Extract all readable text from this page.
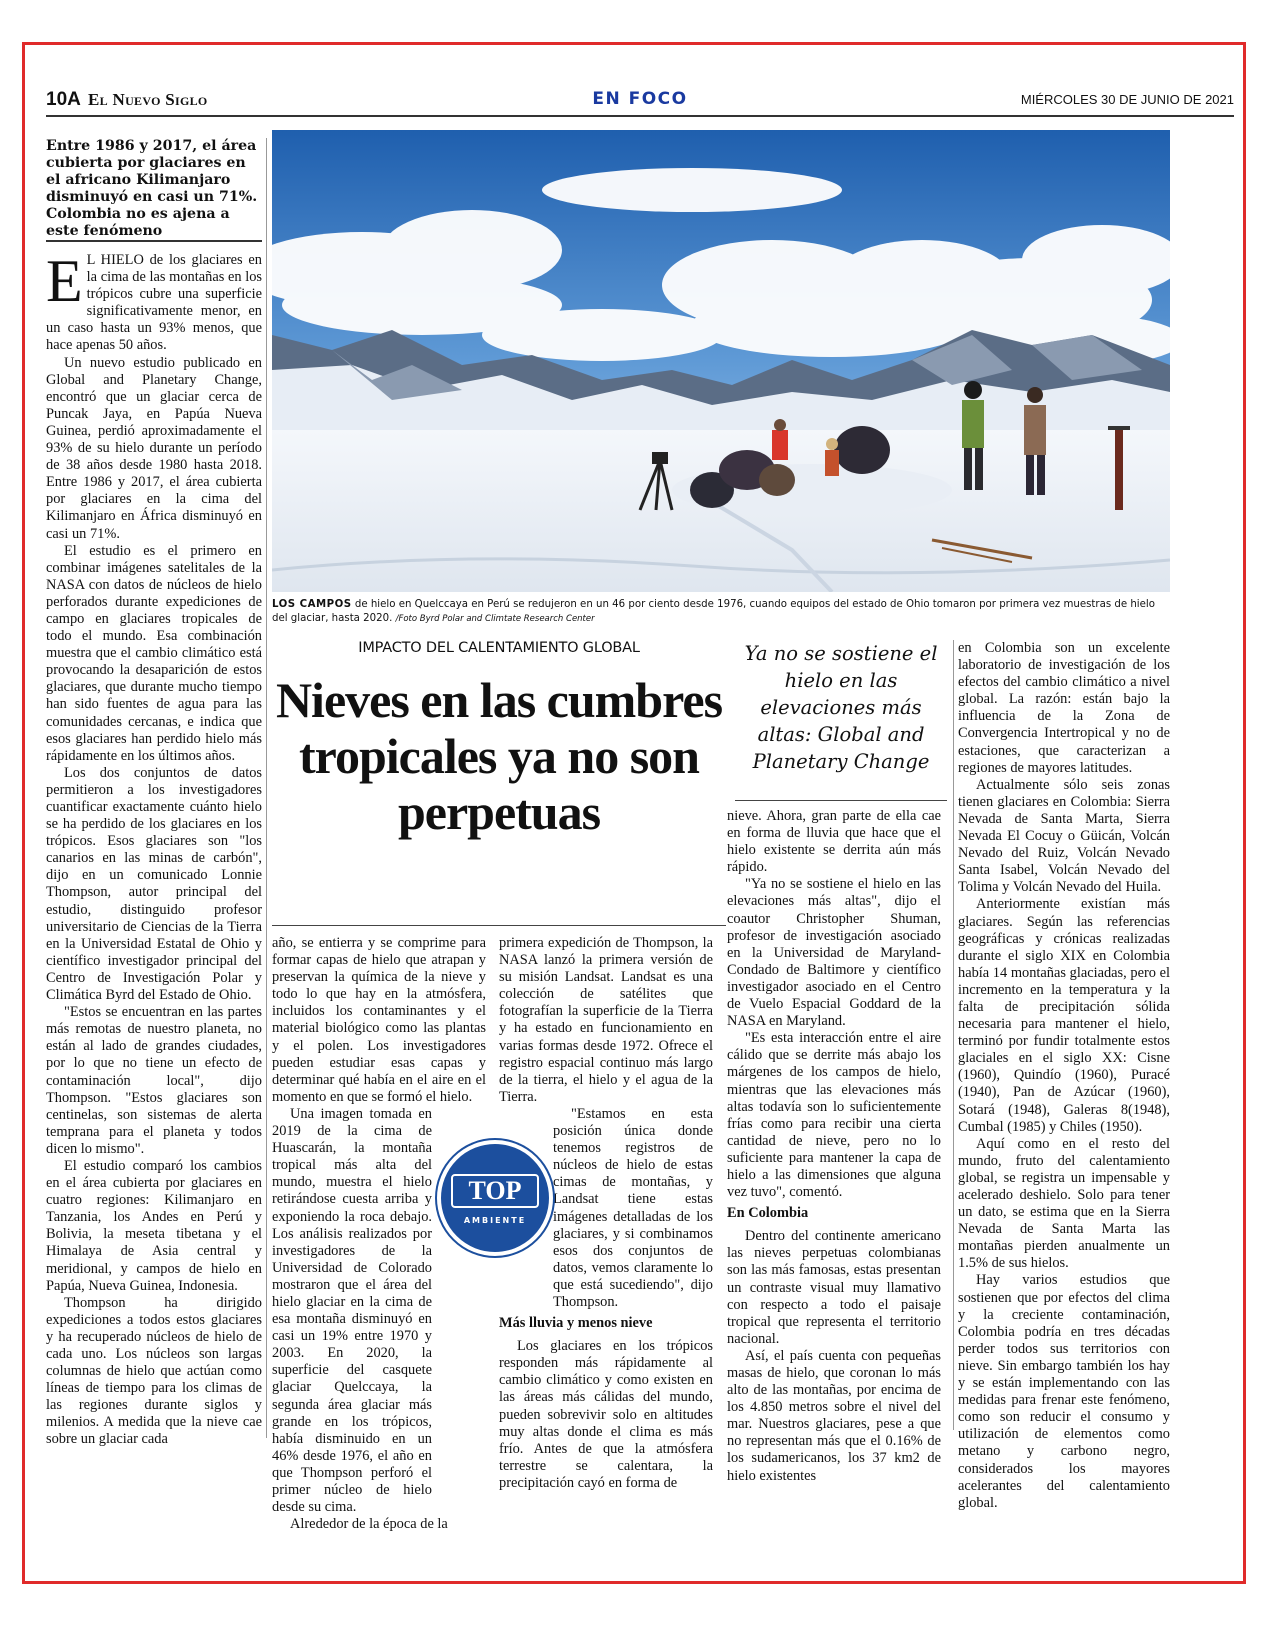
10A El Nuevo Siglo	EN FOCO	MIÉRCOLES 30 DE JUNIO DE 2021
Entre 1986 y 2017, el área cubierta por glaciares en el africano Kilimanjaro disminuyó en casi un 71%. Colombia no es ajena a este fenómeno

E L HIELO de los glaciares en la cima de las montañas en los trópicos cubre una superficie significativamente menor, en un caso hasta un 93% menos, que hace apenas 50 años.

Un nuevo estudio publicado en Global and Planetary Change, encontró que un glaciar cerca de Puncak Jaya, en Papúa Nueva Guinea, perdió aproximadamente el 93% de su hielo durante un período de 38 años desde 1980 hasta 2018. Entre 1986 y 2017, el área cubierta por glaciares en la cima del Kilimanjaro en África disminuyó en casi un 71%.

El estudio es el primero en combinar imágenes satelitales de la NASA con datos de núcleos de hielo perforados durante expediciones de campo en glaciares tropicales de todo el mundo. Esa combinación muestra que el cambio climático está provocando la desaparición de estos glaciares, que durante mucho tiempo han sido fuentes de agua para las comunidades cercanas, e indica que esos glaciares han perdido hielo más rápidamente en los últimos años.

Los dos conjuntos de datos permitieron a los investigadores cuantificar exactamente cuánto hielo se ha perdido de los glaciares en los trópicos. Esos glaciares son "los canarios en las minas de carbón", dijo en un comunicado Lonnie Thompson, autor principal del estudio, distinguido profesor universitario de Ciencias de la Tierra en la Universidad Estatal de Ohio y científico investigador principal del Centro de Investigación Polar y Climática Byrd del Estado de Ohio.

"Estos se encuentran en las partes más remotas de nuestro planeta, no están al lado de grandes ciudades, por lo que no tiene un efecto de contaminación local", dijo Thompson. "Estos glaciares son centinelas, son sistemas de alerta temprana para el planeta y todos dicen lo mismo".

El estudio comparó los cambios en el área cubierta por glaciares en cuatro regiones: Kilimanjaro en Tanzania, los Andes en Perú y Bolivia, la meseta tibetana y el Himalaya de Asia central y meridional, y campos de hielo en Papúa, Nueva Guinea, Indonesia.

Thompson ha dirigido expediciones a todos estos glaciares y ha recuperado núcleos de hielo de cada uno. Los núcleos son largas columnas de hielo que actúan como líneas de tiempo para los climas de las regiones durante siglos y milenios. A medida que la nieve cae sobre un glaciar cada

LOS CAMPOS de hielo en Quelccaya en Perú se redujeron en un 46 por ciento desde 1976, cuando equipos del estado de Ohio tomaron por primera vez muestras de hielo del glaciar, hasta 2020. /Foto Byrd Polar and Climtate Research Center
IMPACTO DEL CALENTAMIENTO GLOBAL
Nieves en las cumbres tropicales ya no son perpetuas
Ya no se sostiene el hielo en las elevaciones más altas: Global and Planetary Change

año, se entierra y se comprime para formar capas de hielo que atrapan y preservan la química de la nieve y todo lo que hay en la atmósfera, incluidos los contaminantes y el material biológico como las plantas y el polen. Los investigadores pueden estudiar esas capas y determinar qué había en el aire en el momento en que se formó el hielo.

Una imagen tomada en 2019 de la cima de Huascarán, la montaña tropical más alta del mundo, muestra el hielo retirándose cuesta arriba y exponiendo la roca debajo. Los análisis realizados por investigadores de la Universidad de Colorado mostraron que el área del hielo glaciar en la cima de esa montaña disminuyó en casi un 19% entre 1970 y 2003. En 2020, la superficie del casquete glaciar Quelccaya, la segunda área glaciar más grande en los trópicos, había disminuido en un 46% desde 1976, el año en que Thompson perforó el primer núcleo de hielo desde su cima.

Alrededor de la época de la

primera expedición de Thompson, la NASA lanzó la primera versión de su misión Landsat. Landsat es una colección de satélites que fotografían la superficie de la Tierra y ha estado en funcionamiento en varias formas desde 1972. Ofrece el registro espacial continuo más largo de la tierra, el hielo y el agua de la Tierra.

"Estamos en esta posición única donde tenemos registros de núcleos de hielo de estas cimas de montañas, y Landsat tiene estas imágenes detalladas de los glaciares, y si combinamos esos dos conjuntos de datos, vemos claramente lo que está sucediendo", dijo Thompson.

Más lluvia y menos nieve

Los glaciares en los trópicos responden más rápidamente al cambio climático y como existen en las áreas más cálidas del mundo, pueden sobrevivir solo en altitudes muy altas donde el clima es más frío. Antes de que la atmósfera terrestre se calentara, la precipitación cayó en forma de

nieve. Ahora, gran parte de ella cae en forma de lluvia que hace que el hielo existente se derrita aún más rápido.

"Ya no se sostiene el hielo en las elevaciones más altas", dijo el coautor Christopher Shuman, profesor de investigación asociado en la Universidad de Maryland-Condado de Baltimore y científico investigador asociado en el Centro de Vuelo Espacial Goddard de la NASA en Maryland.

"Es esta interacción entre el aire cálido que se derrite más abajo los márgenes de los campos de hielo, mientras que las elevaciones más altas todavía son lo suficientemente frías como para recibir una cierta cantidad de nieve, pero no lo suficiente para mantener la capa de hielo a las dimensiones que alguna vez tuvo", comentó.

En Colombia

Dentro del continente americano las nieves perpetuas colombianas son las más famosas, estas presentan un contraste visual muy llamativo con respecto a todo el paisaje tropical que representa el territorio nacional.

Así, el país cuenta con pequeñas masas de hielo, que coronan lo más alto de las montañas, por encima de los 4.850 metros sobre el nivel del mar. Nuestros glaciares, pese a que no representan más que el 0.16% de los sudamericanos, los 37 km2 de hielo existentes

en Colombia son un excelente laboratorio de investigación de los efectos del cambio climático a nivel global. La razón: están bajo la influencia de la Zona de Convergencia Intertropical y no de estaciones, que caracterizan a regiones de mayores latitudes.

Actualmente sólo seis zonas tienen glaciares en Colombia: Sierra Nevada de Santa Marta, Sierra Nevada El Cocuy o Güicán, Volcán Nevado del Ruiz, Volcán Nevado Santa Isabel, Volcán Nevado del Tolima y Volcán Nevado del Huila.

Anteriormente existían más glaciares. Según las referencias geográficas y crónicas realizadas durante el siglo XIX en Colombia había 14 montañas glaciadas, pero el incremento en la temperatura y la falta de precipitación sólida necesaria para mantener el hielo, terminó por fundir totalmente estos glaciales en el siglo XX: Cisne (1960), Quindío (1960), Puracé (1940), Pan de Azúcar (1960), Sotará (1948), Galeras 8(1948), Cumbal (1985) y Chiles (1950).

Aquí como en el resto del mundo, fruto del calentamiento global, se registra un impensable y acelerado deshielo. Solo para tener un dato, se estima que en la Sierra Nevada de Santa Marta las montañas pierden anualmente un 1.5% de sus hielos.

Hay varios estudios que sostienen que por efectos del clima y la creciente contaminación, Colombia podría en tres décadas perder todos sus territorios con nieve. Sin embargo también los hay y se están implementando con las medidas para frenar este fenómeno, como son reducir el consumo y utilización de elementos como metano y carbono negro, considerados los mayores acelerantes del calentamiento global.

TOP
AMBIENTE
